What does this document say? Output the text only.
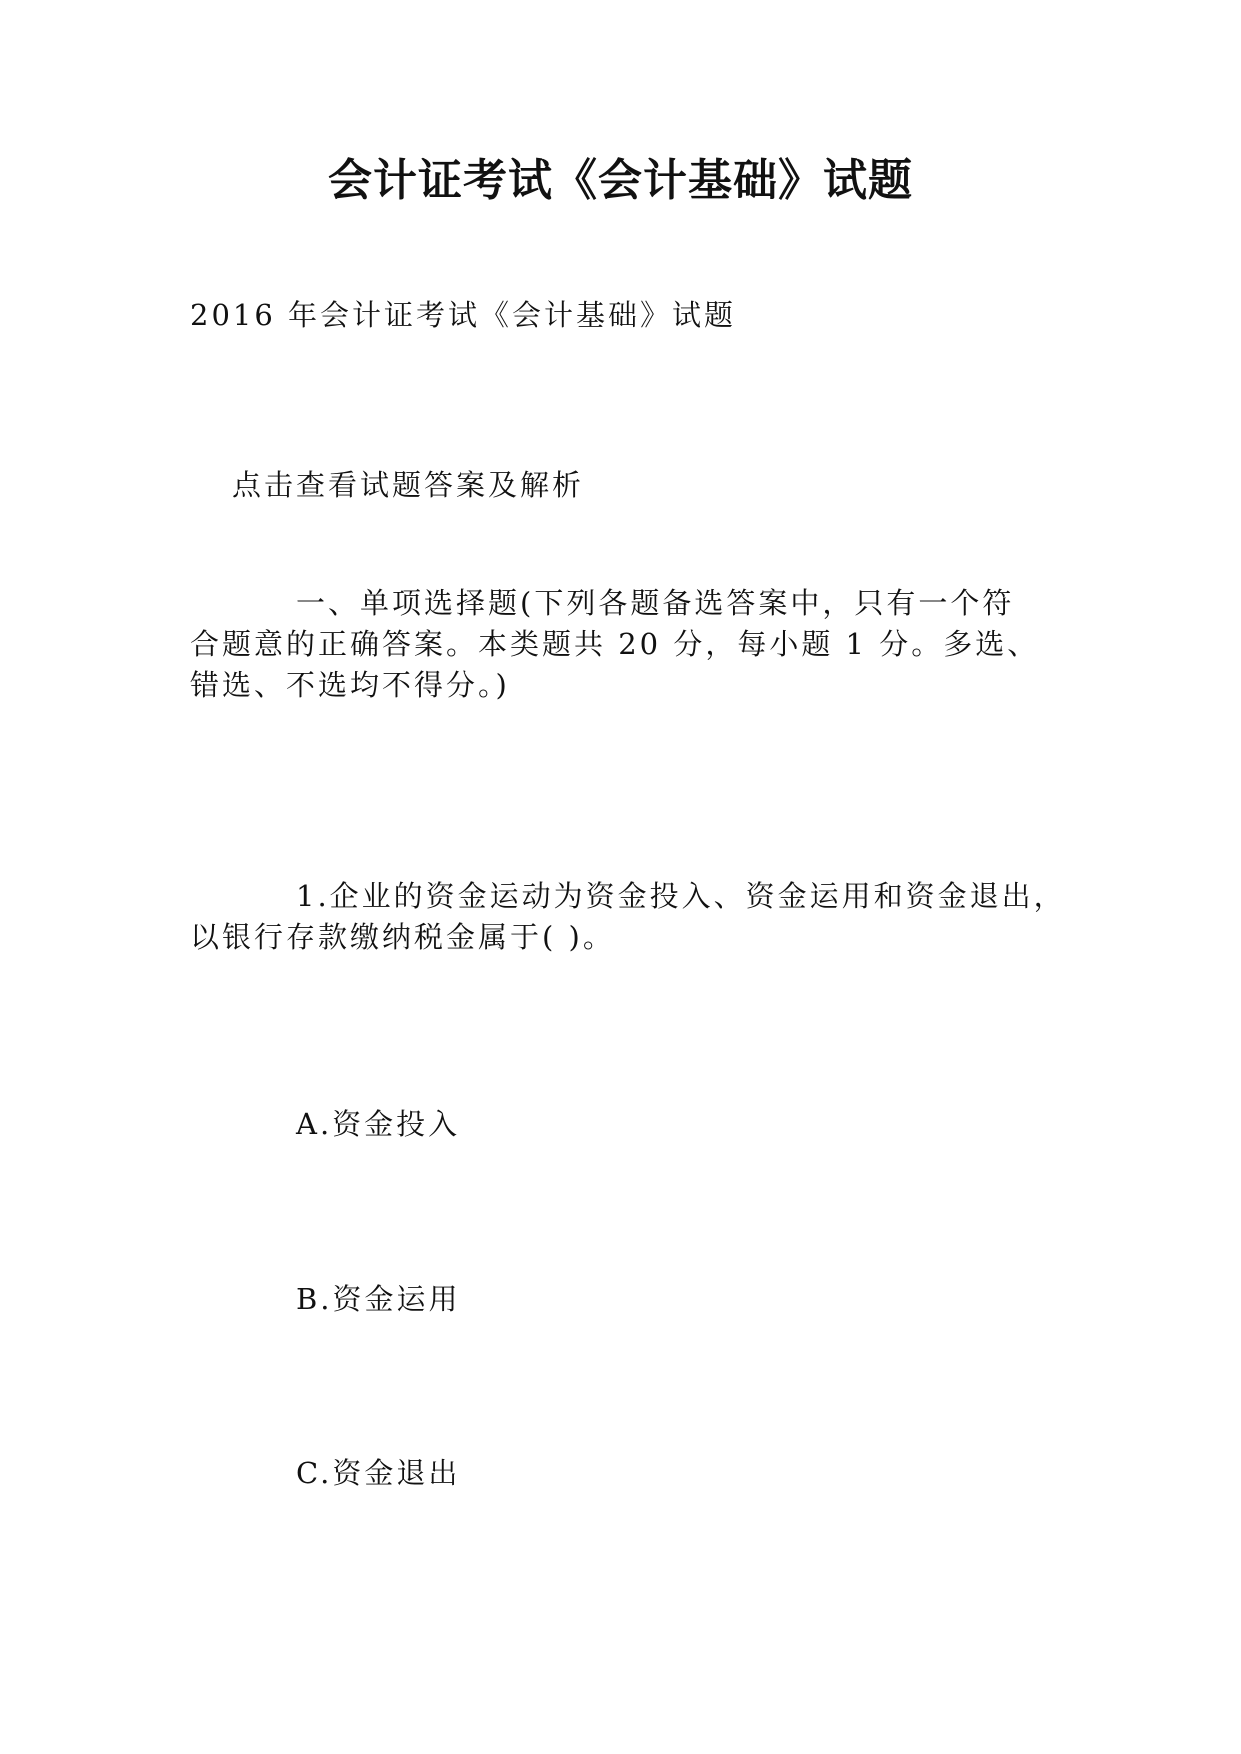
会计证考试《会计基础》试题
2016 年会计证考试《会计基础》试题
点击查看试题答案及解析
一、单项选择题(下列各题备选答案中，只有一个符
合题意的正确答案。本类题共 20 分，每小题 1 分。多选、
错选、不选均不得分。)
1.企业的资金运动为资金投入、资金运用和资金退出，
以银行存款缴纳税金属于( )。
A.资金投入
B.资金运用
C.资金退出
